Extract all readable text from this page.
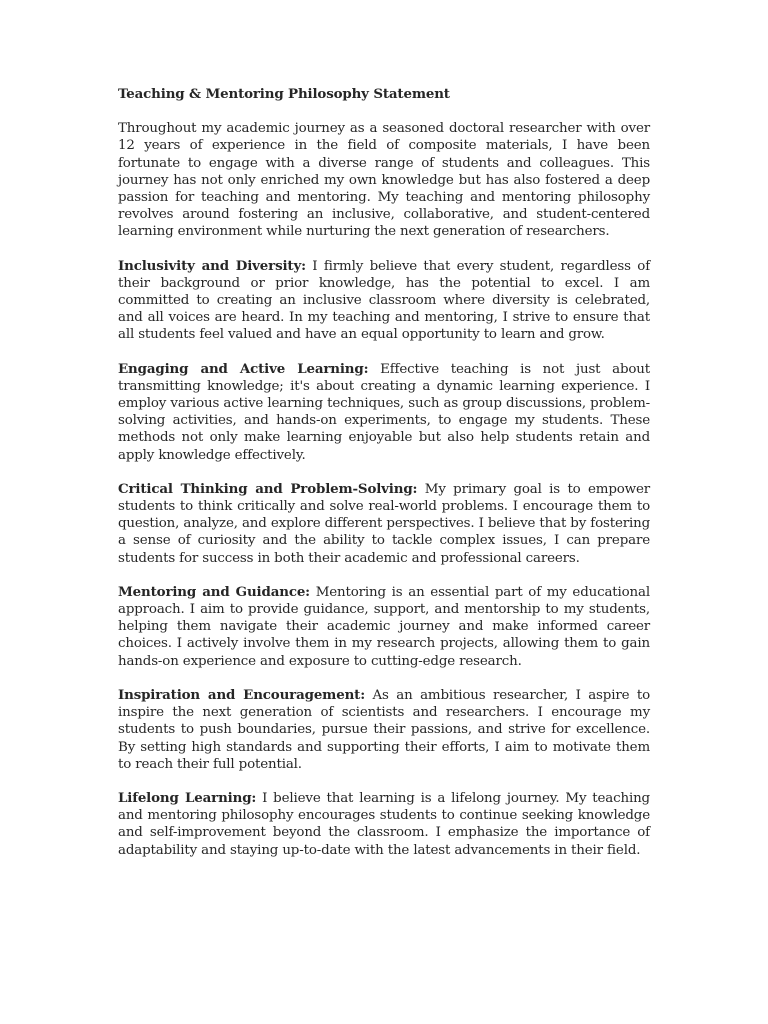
Teaching & Mentoring Philosophy Statement

Throughout my academic journey as a seasoned doctoral researcher with over 12 years of experience in the field of composite materials, I have been fortunate to engage with a diverse range of students and colleagues. This journey has not only enriched my own knowledge but has also fostered a deep passion for teaching and mentoring. My teaching and mentoring philosophy revolves around fostering an inclusive, collaborative, and student-centered learning environment while nurturing the next generation of researchers.

Inclusivity and Diversity: I firmly believe that every student, regardless of their background or prior knowledge, has the potential to excel. I am committed to creating an inclusive classroom where diversity is celebrated, and all voices are heard. In my teaching and mentoring, I strive to ensure that all students feel valued and have an equal opportunity to learn and grow.

Engaging and Active Learning: Effective teaching is not just about transmitting knowledge; it's about creating a dynamic learning experience. I employ various active learning techniques, such as group discussions, problem-solving activities, and hands-on experiments, to engage my students. These methods not only make learning enjoyable but also help students retain and apply knowledge effectively.

Critical Thinking and Problem-Solving: My primary goal is to empower students to think critically and solve real-world problems. I encourage them to question, analyze, and explore different perspectives. I believe that by fostering a sense of curiosity and the ability to tackle complex issues, I can prepare students for success in both their academic and professional careers.

Mentoring and Guidance: Mentoring is an essential part of my educational approach. I aim to provide guidance, support, and mentorship to my students, helping them navigate their academic journey and make informed career choices. I actively involve them in my research projects, allowing them to gain hands-on experience and exposure to cutting-edge research.

Inspiration and Encouragement: As an ambitious researcher, I aspire to inspire the next generation of scientists and researchers. I encourage my students to push boundaries, pursue their passions, and strive for excellence. By setting high standards and supporting their efforts, I aim to motivate them to reach their full potential.

Lifelong Learning: I believe that learning is a lifelong journey. My teaching and mentoring philosophy encourages students to continue seeking knowledge and self-improvement beyond the classroom. I emphasize the importance of adaptability and staying up-to-date with the latest advancements in their field.
